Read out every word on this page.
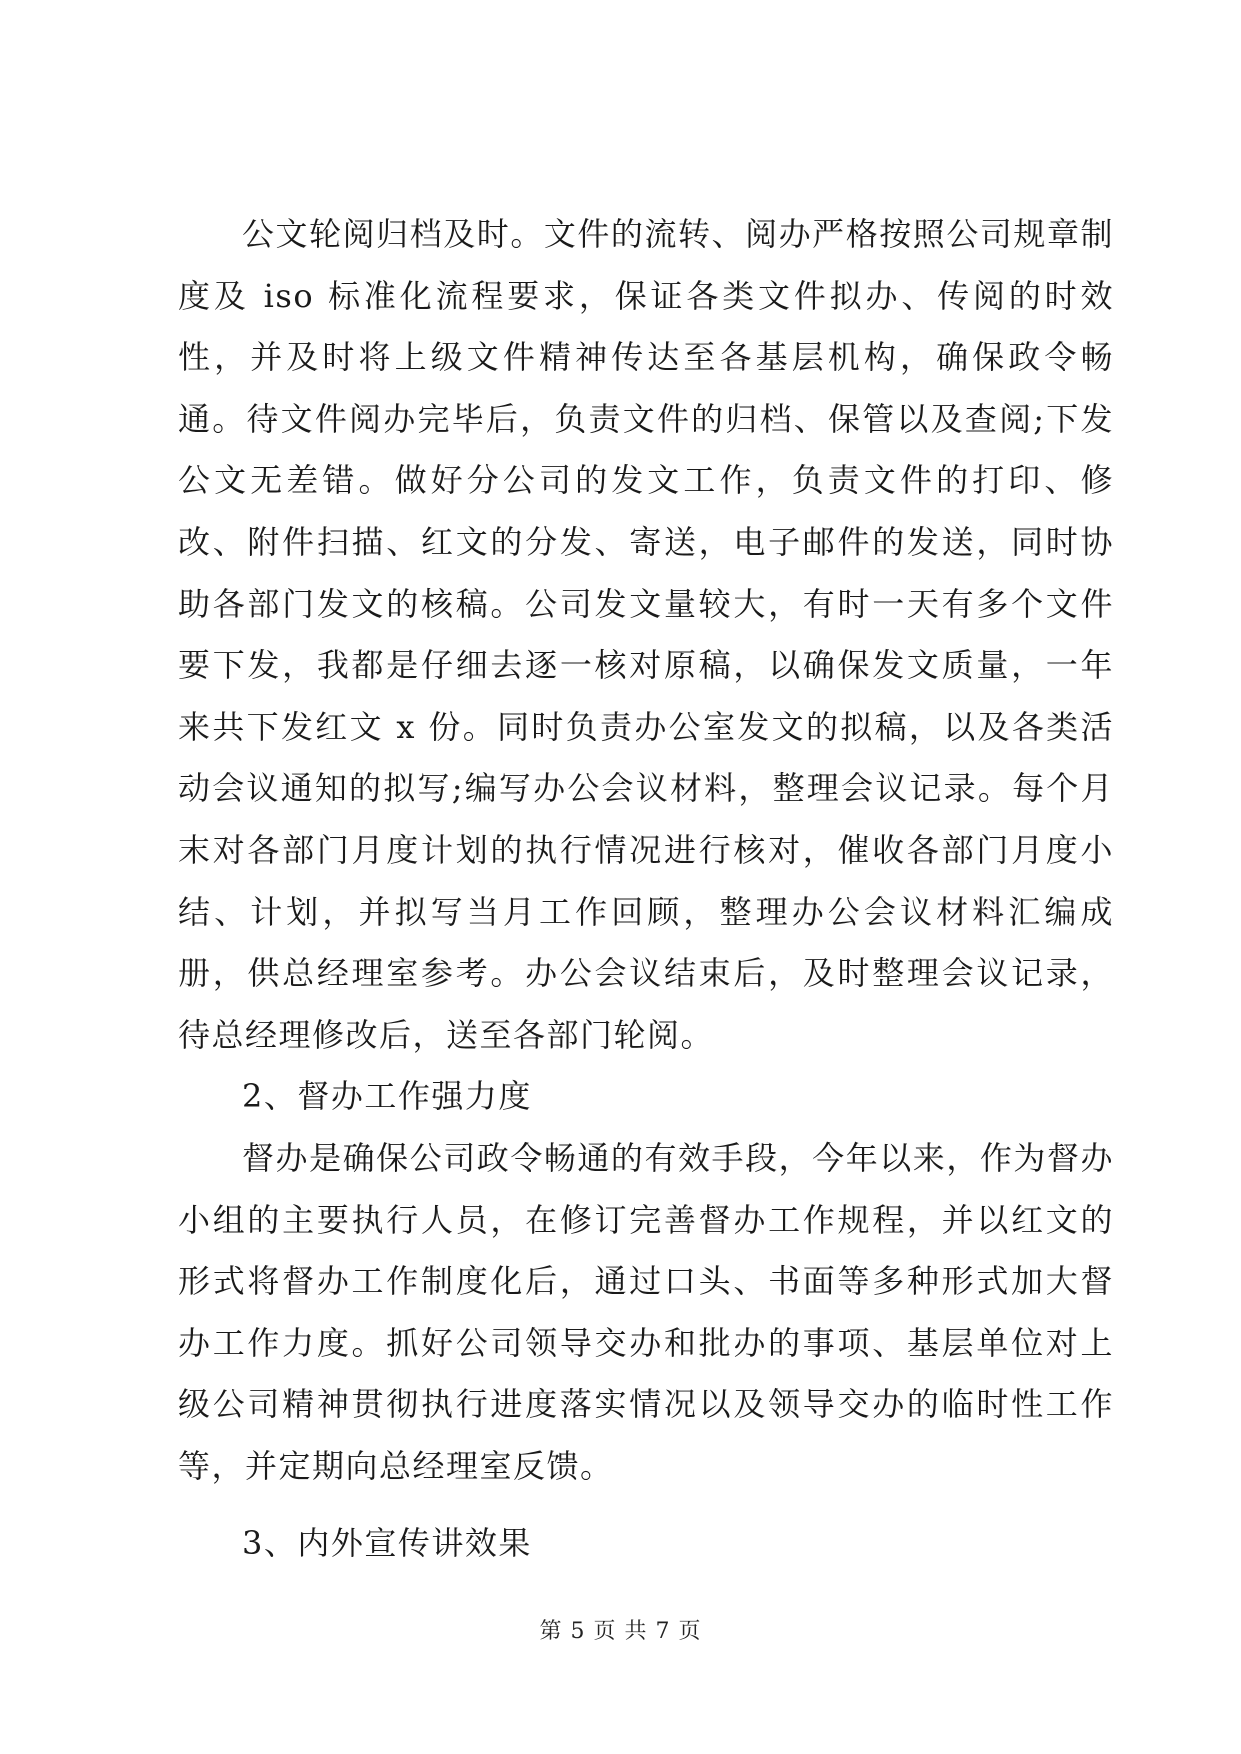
公文轮阅归档及时。文件的流转、阅办严格按照公司规章制度及 iso 标准化流程要求，保证各类文件拟办、传阅的时效性，并及时将上级文件精神传达至各基层机构，确保政令畅通。待文件阅办完毕后，负责文件的归档、保管以及查阅;下发公文无差错。做好分公司的发文工作，负责文件的打印、修改、附件扫描、红文的分发、寄送，电子邮件的发送，同时协助各部门发文的核稿。公司发文量较大，有时一天有多个文件要下发，我都是仔细去逐一核对原稿，以确保发文质量，一年来共下发红文 x 份。同时负责办公室发文的拟稿，以及各类活动会议通知的拟写;编写办公会议材料，整理会议记录。每个月末对各部门月度计划的执行情况进行核对，催收各部门月度小结、计划，并拟写当月工作回顾，整理办公会议材料汇编成册，供总经理室参考。办公会议结束后，及时整理会议记录，待总经理修改后，送至各部门轮阅。

2、督办工作强力度

督办是确保公司政令畅通的有效手段，今年以来，作为督办小组的主要执行人员，在修订完善督办工作规程，并以红文的形式将督办工作制度化后，通过口头、书面等多种形式加大督办工作力度。抓好公司领导交办和批办的事项、基层单位对上级公司精神贯彻执行进度落实情况以及领导交办的临时性工作等，并定期向总经理室反馈。

3、内外宣传讲效果

第 5 页 共 7 页
